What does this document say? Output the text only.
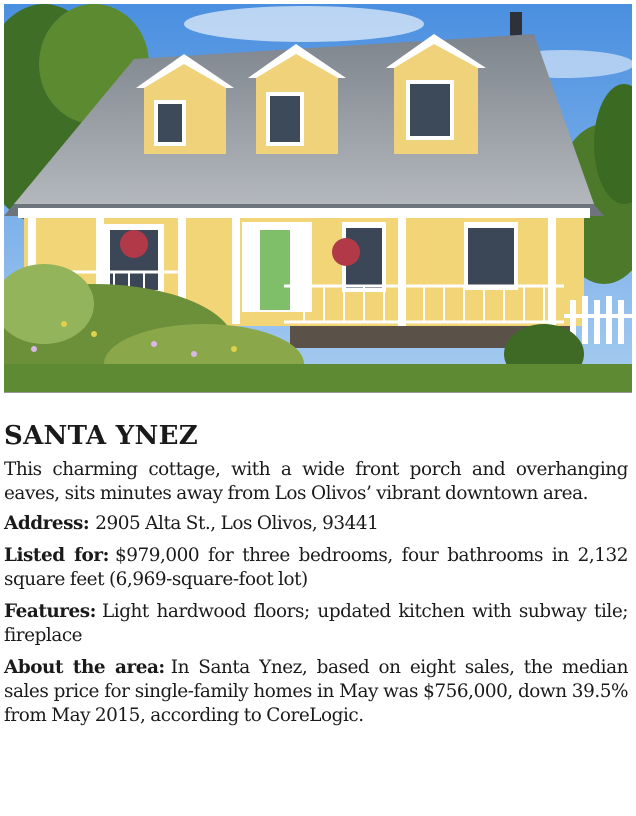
SANTA YNEZ

This charming cottage, with a wide front porch and overhanging eaves, sits minutes away from Los Olivos’ vibrant downtown area.

Address: 2905 Alta St., Los Olivos, 93441

Listed for: $979,000 for three bedrooms, four bathrooms in 2,132 square feet (6,969-square-foot lot)

Features: Light hardwood floors; updated kitchen with subway tile; fireplace

About the area: In Santa Ynez, based on eight sales, the median sales price for single-family homes in May was $756,000, down 39.5% from May 2015, according to CoreLogic.
